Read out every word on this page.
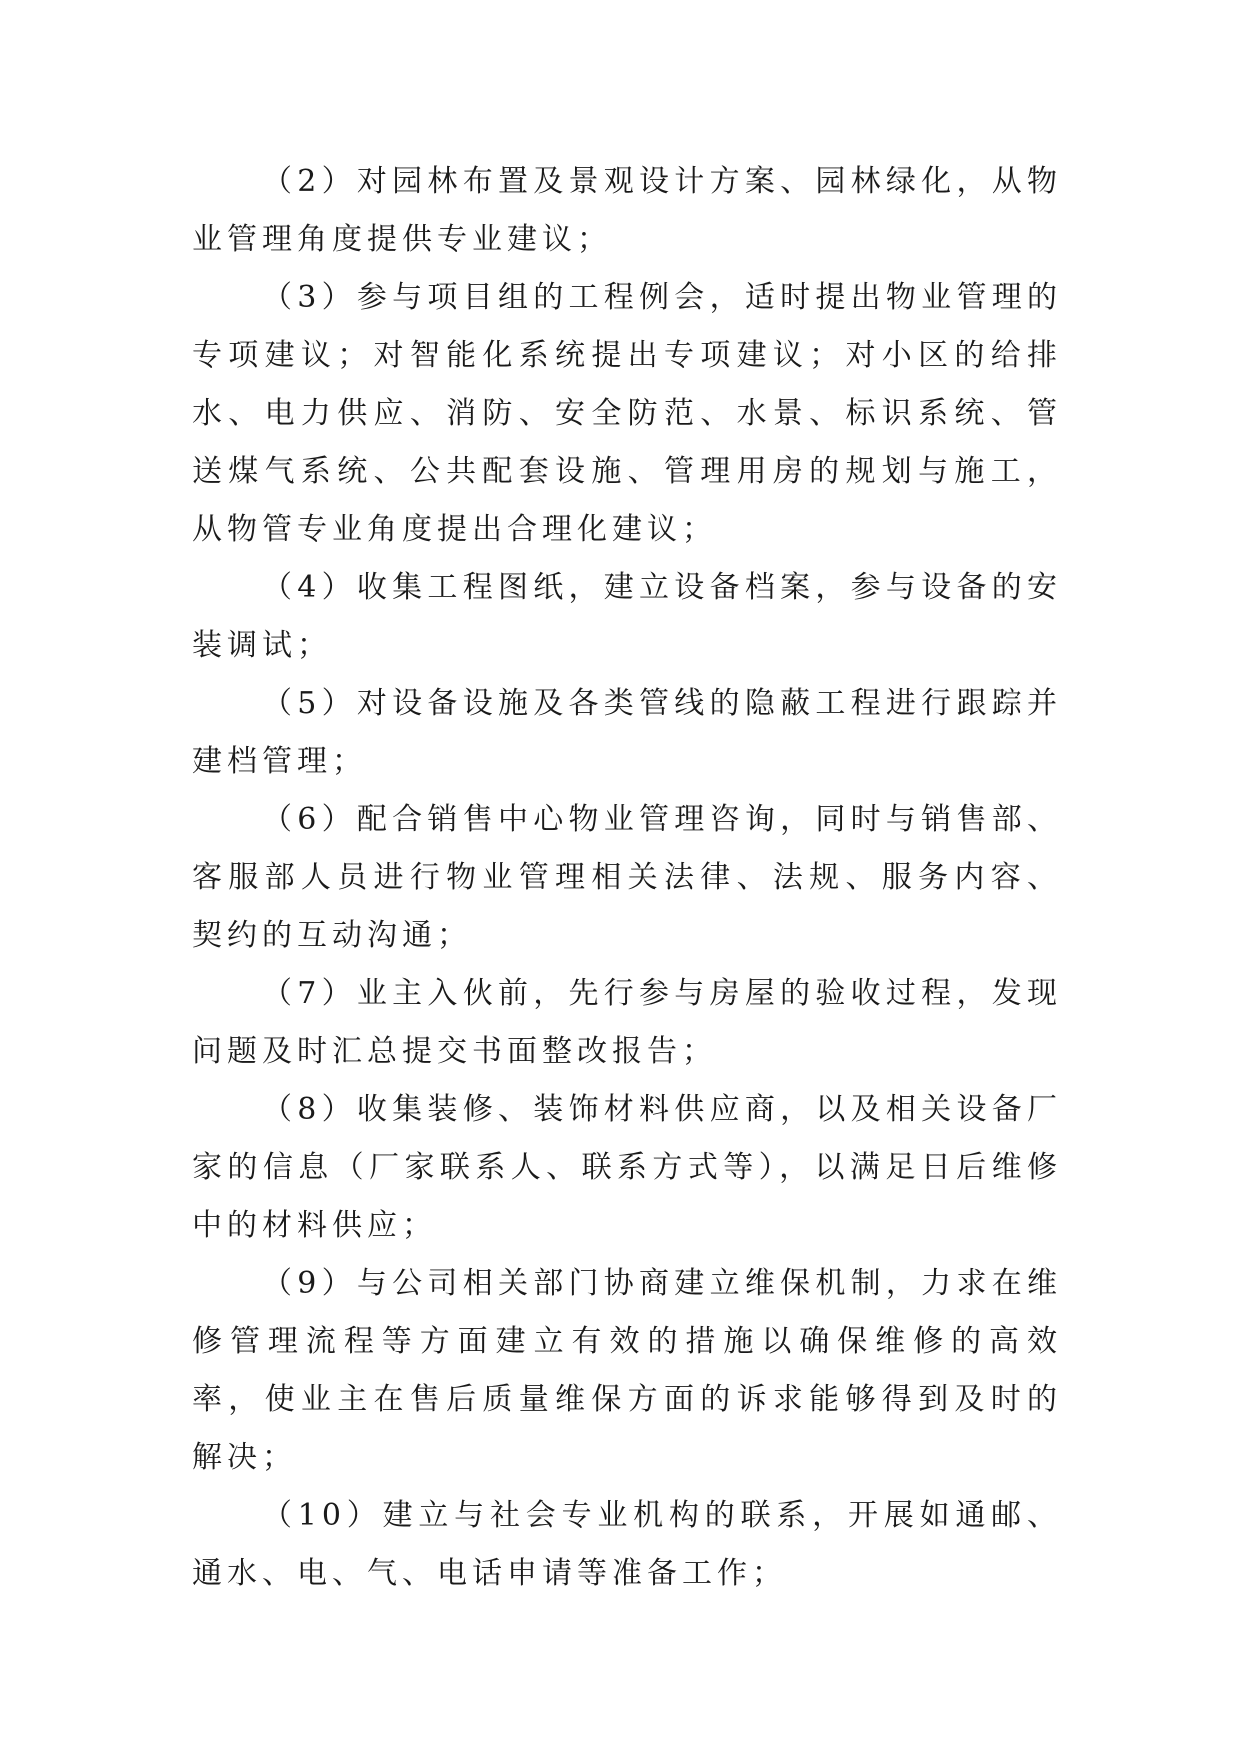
（2）对园林布置及景观设计方案、园林绿化，从物业管理角度提供专业建议；

（3）参与项目组的工程例会，适时提出物业管理的专项建议；对智能化系统提出专项建议；对小区的给排水、电力供应、消防、安全防范、水景、标识系统、管送煤气系统、公共配套设施、管理用房的规划与施工，从物管专业角度提出合理化建议；

（4）收集工程图纸，建立设备档案，参与设备的安装调试；

（5）对设备设施及各类管线的隐蔽工程进行跟踪并建档管理；

（6）配合销售中心物业管理咨询，同时与销售部、客服部人员进行物业管理相关法律、法规、服务内容、契约的互动沟通；

（7）业主入伙前，先行参与房屋的验收过程，发现问题及时汇总提交书面整改报告；

（8）收集装修、装饰材料供应商，以及相关设备厂家的信息（厂家联系人、联系方式等），以满足日后维修中的材料供应；

（9）与公司相关部门协商建立维保机制，力求在维修管理流程等方面建立有效的措施以确保维修的高效率，使业主在售后质量维保方面的诉求能够得到及时的解决；

（10）建立与社会专业机构的联系，开展如通邮、通水、电、气、电话申请等准备工作；
